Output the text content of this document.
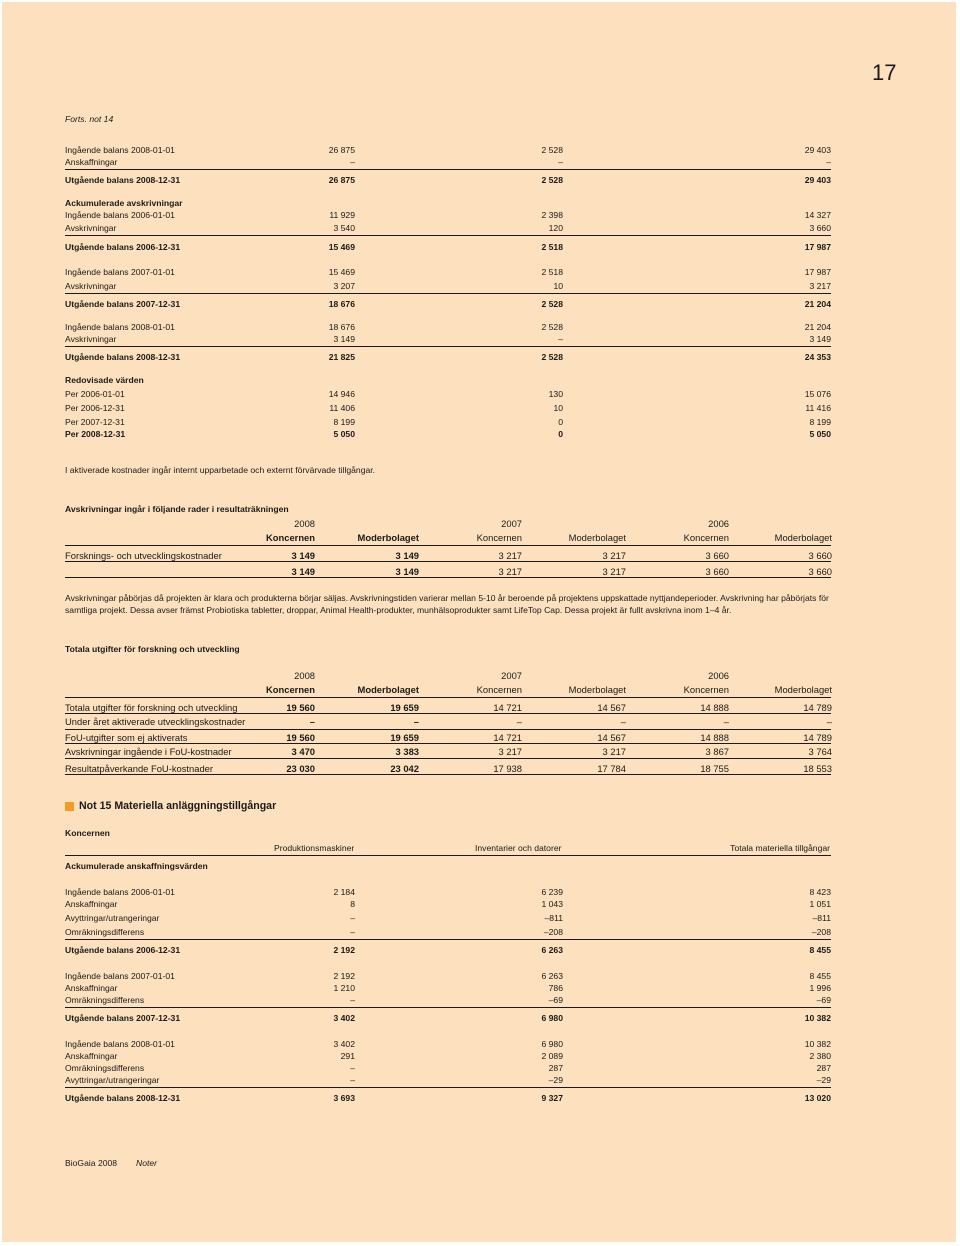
17
Forts. not 14
Ingående balans 2008-01-01	26 875	2 528	29 403
Anskaffningar	–	–	–
Utgående balans 2008-12-31	26 875	2 528	29 403
Ackumulerade avskrivningar
Ingående balans 2006-01-01	11 929	2 398	14 327
Avskrivningar	3 540	120	3 660
Utgående balans 2006-12-31	15 469	2 518	17 987
Ingående balans 2007-01-01	15 469	2 518	17 987
Avskrivningar	3 207	10	3 217
Utgående balans 2007-12-31	18 676	2 528	21 204
Ingående balans 2008-01-01	18 676	2 528	21 204
Avskrivningar	3 149	–	3 149
Utgående balans 2008-12-31	21 825	2 528	24 353
Redovisade värden
Per 2006-01-01	14 946	130	15 076
Per 2006-12-31	11 406	10	11 416
Per 2007-12-31	8 199	0	8 199
Per 2008-12-31	5 050	0	5 050
I aktiverade kostnader ingår internt upparbetade och externt förvärvade tillgångar.
Avskrivningar ingår i följande rader i resultaträkningen
2008	2007	2006
Koncernen	Moderbolaget	Koncernen	Moderbolaget	Koncernen	Moderbolaget
Forsknings- och utvecklingskostnader	3 149	3 149	3 217	3 217	3 660	3 660
3 149	3 149	3 217	3 217	3 660	3 660
Avskrivningar påbörjas då projekten är klara och produkterna börjar säljas. Avskrivningstiden varierar mellan 5-10 år beroende på projektens uppskattade nyttjandeperioder. Avskrivning har påbörjats för
samtliga projekt. Dessa avser främst Probiotiska tabletter, droppar, Animal Health-produkter, munhälsoprodukter samt LifeTop Cap. Dessa projekt är fullt avskrivna inom 1–4 år.
Totala utgifter för forskning och utveckling
2008	2007	2006
Koncernen	Moderbolaget	Koncernen	Moderbolaget	Koncernen	Moderbolaget
Totala utgifter för forskning och utveckling	19 560	19 659	14 721	14 567	14 888	14 789
Under året aktiverade utvecklingskostnader	–	–	–	–	–	–
FoU-utgifter som ej aktiverats	19 560	19 659	14 721	14 567	14 888	14 789
Avskrivningar ingående i FoU-kostnader	3 470	3 383	3 217	3 217	3 867	3 764
Resultatpåverkande FoU-kostnader	23 030	23 042	17 938	17 784	18 755	18 553
Not 15 Materiella anläggningstillgångar
Koncernen
Produktionsmaskiner	Inventarier och datorer	Totala materiella tillgångar
Ackumulerade anskaffningsvärden
Ingående balans 2006-01-01	2 184	6 239	8 423
Anskaffningar	8	1 043	1 051
Avyttringar/utrangeringar	–	–811	–811
Omräkningsdifferens	–	–208	–208
Utgående balans 2006-12-31	2 192	6 263	8 455
Ingående balans 2007-01-01	2 192	6 263	8 455
Anskaffningar	1 210	786	1 996
Omräkningsdifferens	–	–69	–69
Utgående balans 2007-12-31	3 402	6 980	10 382
Ingående balans 2008-01-01	3 402	6 980	10 382
Anskaffningar	291	2 089	2 380
Omräkningsdifferens	–	287	287
Avyttringar/utrangeringar	–	–29	–29
Utgående balans 2008-12-31	3 693	9 327	13 020
BioGaia 2008 Noter
